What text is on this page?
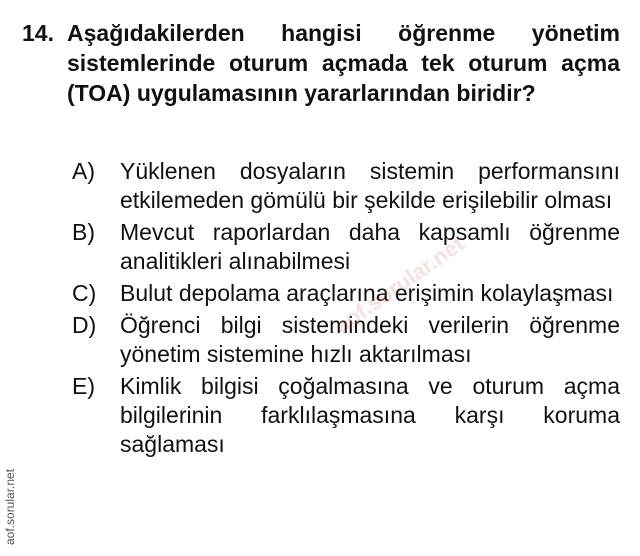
14. Aşağıdakilerden hangisi öğrenme yönetim sistemlerinde oturum açmada tek oturum açma (TOA) uygulamasının yararlarından biridir?
A) Yüklenen dosyaların sistemin performansını etkilemeden gömülü bir şekilde erişilebilir olması
B) Mevcut raporlardan daha kapsamlı öğrenme analitikleri alınabilmesi
C) Bulut depolama araçlarına erişimin kolaylaşması
D) Öğrenci bilgi sistemindeki verilerin öğrenme yönetim sistemine hızlı aktarılması
E) Kimlik bilgisi çoğalmasına ve oturum açma bilgilerinin farklılaşmasına karşı koruma sağlaması
aof.sorular.net
aof.sorular.net
